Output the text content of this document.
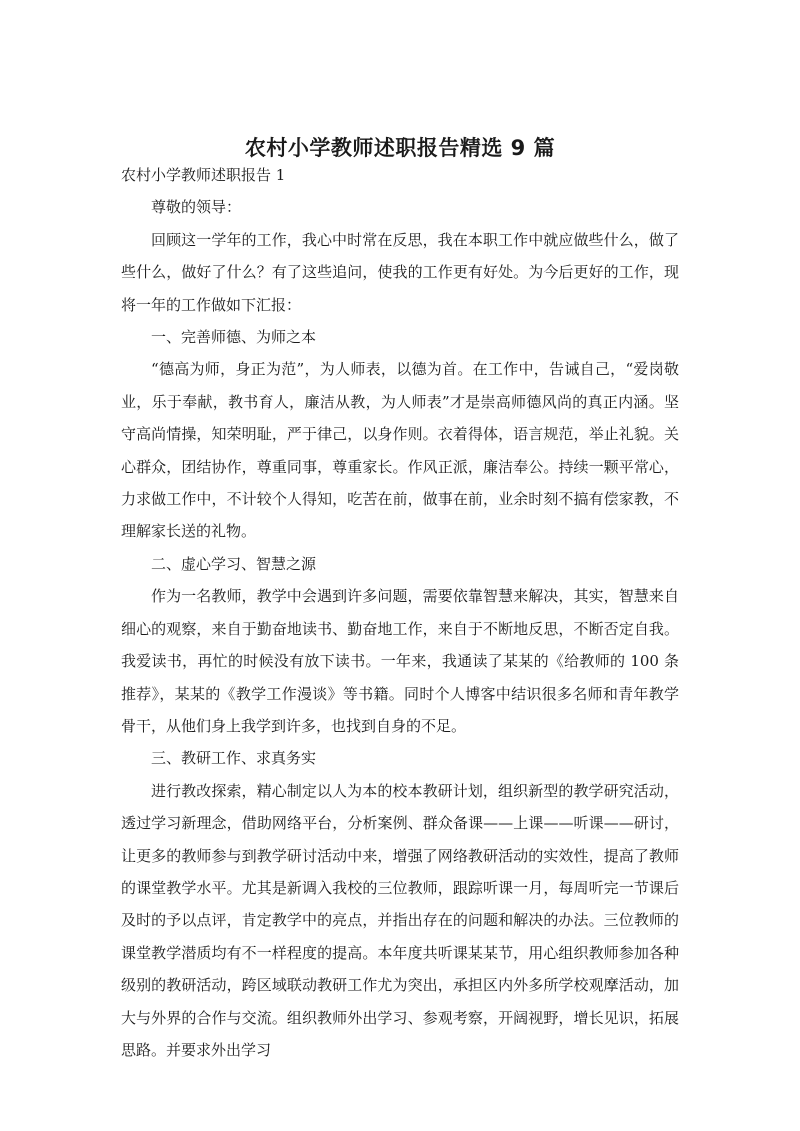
农村小学教师述职报告精选 9 篇

农村小学教师述职报告 1

尊敬的领导：

回顾这一学年的工作，我心中时常在反思，我在本职工作中就应做些什么，做了些什么，做好了什么？有了这些追问，使我的工作更有好处。为今后更好的工作，现将一年的工作做如下汇报：

一、完善师德、为师之本

“德高为师，身正为范”，为人师表，以德为首。在工作中，告诫自己，“爱岗敬业，乐于奉献，教书育人，廉洁从教，为人师表”才是崇高师德风尚的真正内涵。坚守高尚情操，知荣明耻，严于律己，以身作则。衣着得体，语言规范，举止礼貌。关心群众，团结协作，尊重同事，尊重家长。作风正派，廉洁奉公。持续一颗平常心，力求做工作中，不计较个人得知，吃苦在前，做事在前，业余时刻不搞有偿家教，不理解家长送的礼物。

二、虚心学习、智慧之源

作为一名教师，教学中会遇到许多问题，需要依靠智慧来解决，其实，智慧来自细心的观察，来自于勤奋地读书、勤奋地工作，来自于不断地反思，不断否定自我。我爱读书，再忙的时候没有放下读书。一年来，我通读了某某的《给教师的 100 条推荐》，某某的《教学工作漫谈》等书籍。同时个人博客中结识很多名师和青年教学骨干，从他们身上我学到许多，也找到自身的不足。

三、教研工作、求真务实

进行教改探索，精心制定以人为本的校本教研计划，组织新型的教学研究活动，透过学习新理念，借助网络平台，分析案例、群众备课——上课——听课——研讨，让更多的教师参与到教学研讨活动中来，增强了网络教研活动的实效性，提高了教师的课堂教学水平。尤其是新调入我校的三位教师，跟踪听课一月，每周听完一节课后及时的予以点评，肯定教学中的亮点，并指出存在的问题和解决的办法。三位教师的课堂教学潜质均有不一样程度的提高。本年度共听课某某节，用心组织教师参加各种级别的教研活动，跨区域联动教研工作尤为突出，承担区内外多所学校观摩活动，加大与外界的合作与交流。组织教师外出学习、参观考察，开阔视野，增长见识，拓展思路。并要求外出学习
